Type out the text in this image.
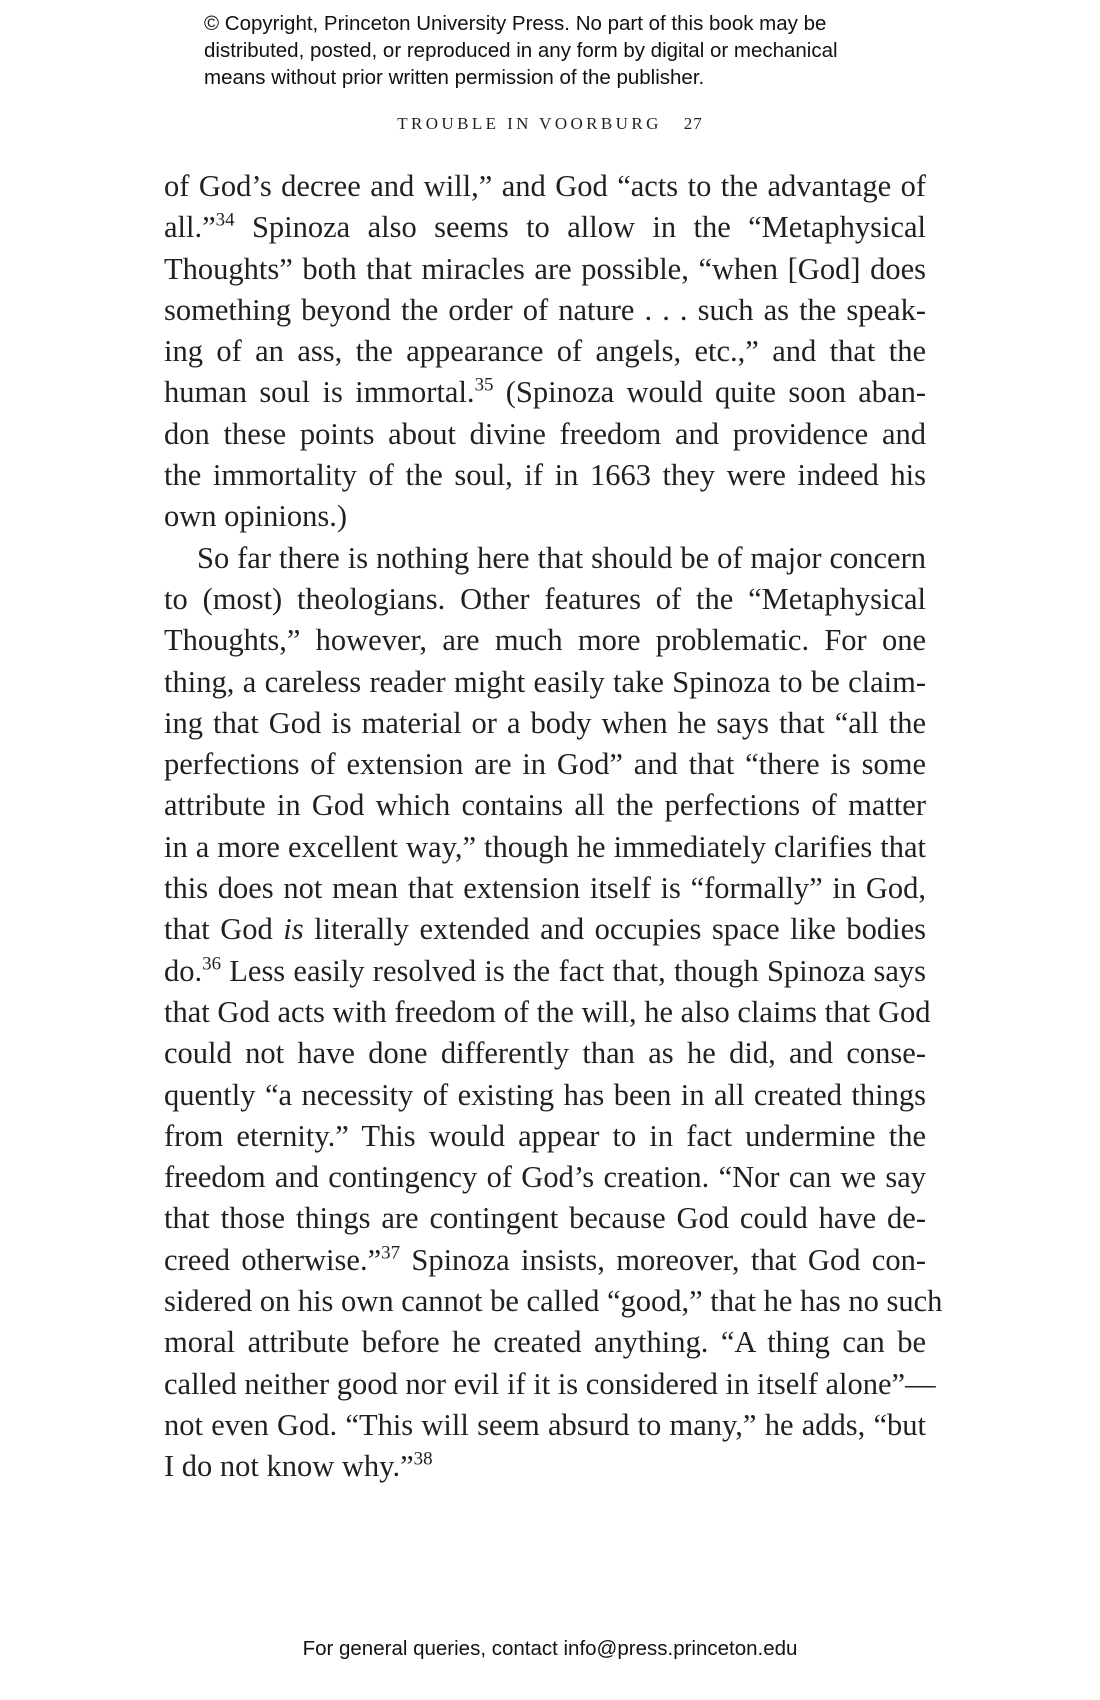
© Copyright, Princeton University Press. No part of this book may be
distributed, posted, or reproduced in any form by digital or mechanical
means without prior written permission of the publisher.
TROUBLE IN VOORBURG 27
of God’s decree and will,” and God “acts to the advantage of
all.”$^{34}$ Spinoza also seems to allow in the “Metaphysical
Thoughts” both that miracles are possible, “when [God] does
something beyond the order of nature . . . such as the speak-
ing of an ass, the appearance of angels, etc.,” and that the
human soul is immortal.$^{35}$ (Spinoza would quite soon aban-
don these points about divine freedom and providence and
the immortality of the soul, if in 1663 they were indeed his
own opinions.)
So far there is nothing here that should be of major concern
to (most) theologians. Other features of the “Metaphysical
Thoughts,” however, are much more problematic. For one
thing, a careless reader might easily take Spinoza to be claim-
ing that God is material or a body when he says that “all the
perfections of extension are in God” and that “there is some
attribute in God which contains all the perfections of matter
in a more excellent way,” though he immediately clarifies that
this does not mean that extension itself is “formally” in God,
that God is literally extended and occupies space like bodies
do.$^{36}$ Less easily resolved is the fact that, though Spinoza says
that God acts with freedom of the will, he also claims that God
could not have done differently than as he did, and conse-
quently “a necessity of existing has been in all created things
from eternity.” This would appear to in fact undermine the
freedom and contingency of God’s creation. “Nor can we say
that those things are contingent because God could have de-
creed otherwise.”$^{37}$ Spinoza insists, moreover, that God con-
sidered on his own cannot be called “good,” that he has no such
moral attribute before he created anything. “A thing can be
called neither good nor evil if it is considered in itself alone”—
not even God. “This will seem absurd to many,” he adds, “but
I do not know why.”$^{38}$
For general queries, contact info@press.princeton.edu
